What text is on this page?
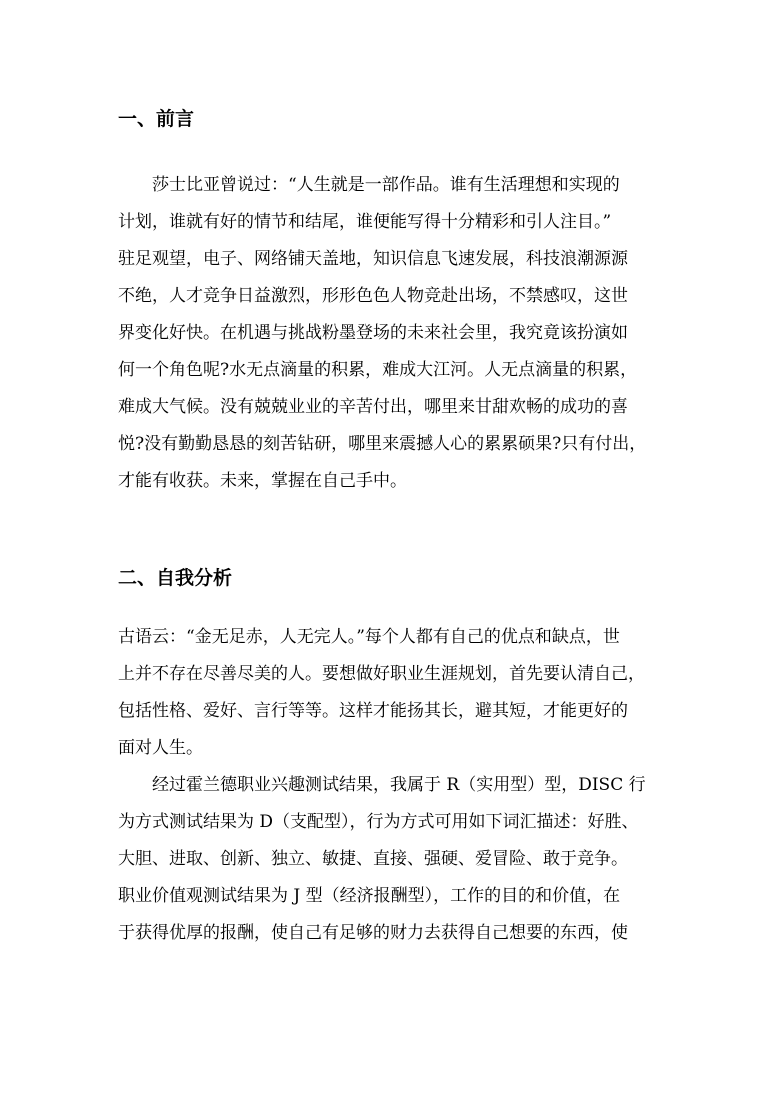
一、前言
莎士比亚曾说过：“人生就是一部作品。谁有生活理想和实现的
计划，谁就有好的情节和结尾，谁便能写得十分精彩和引人注目。”
驻足观望，电子、网络铺天盖地，知识信息飞速发展，科技浪潮源源
不绝，人才竞争日益激烈，形形色色人物竞赴出场，不禁感叹，这世
界变化好快。在机遇与挑战粉墨登场的未来社会里，我究竟该扮演如
何一个角色呢?水无点滴量的积累，难成大江河。人无点滴量的积累，
难成大气候。没有兢兢业业的辛苦付出，哪里来甘甜欢畅的成功的喜
悦?没有勤勤恳恳的刻苦钻研，哪里来震撼人心的累累硕果?只有付出，
才能有收获。未来，掌握在自己手中。
二、自我分析
古语云：“金无足赤，人无完人。”每个人都有自己的优点和缺点，世
上并不存在尽善尽美的人。要想做好职业生涯规划，首先要认清自己，
包括性格、爱好、言行等等。这样才能扬其长，避其短，才能更好的
面对人生。
经过霍兰德职业兴趣测试结果，我属于 R（实用型）型，DISC 行
为方式测试结果为 D（支配型），行为方式可用如下词汇描述：好胜、
大胆、进取、创新、独立、敏捷、直接、强硬、爱冒险、敢于竞争。
职业价值观测试结果为 J 型（经济报酬型），工作的目的和价值，在
于获得优厚的报酬，使自己有足够的财力去获得自己想要的东西，使
